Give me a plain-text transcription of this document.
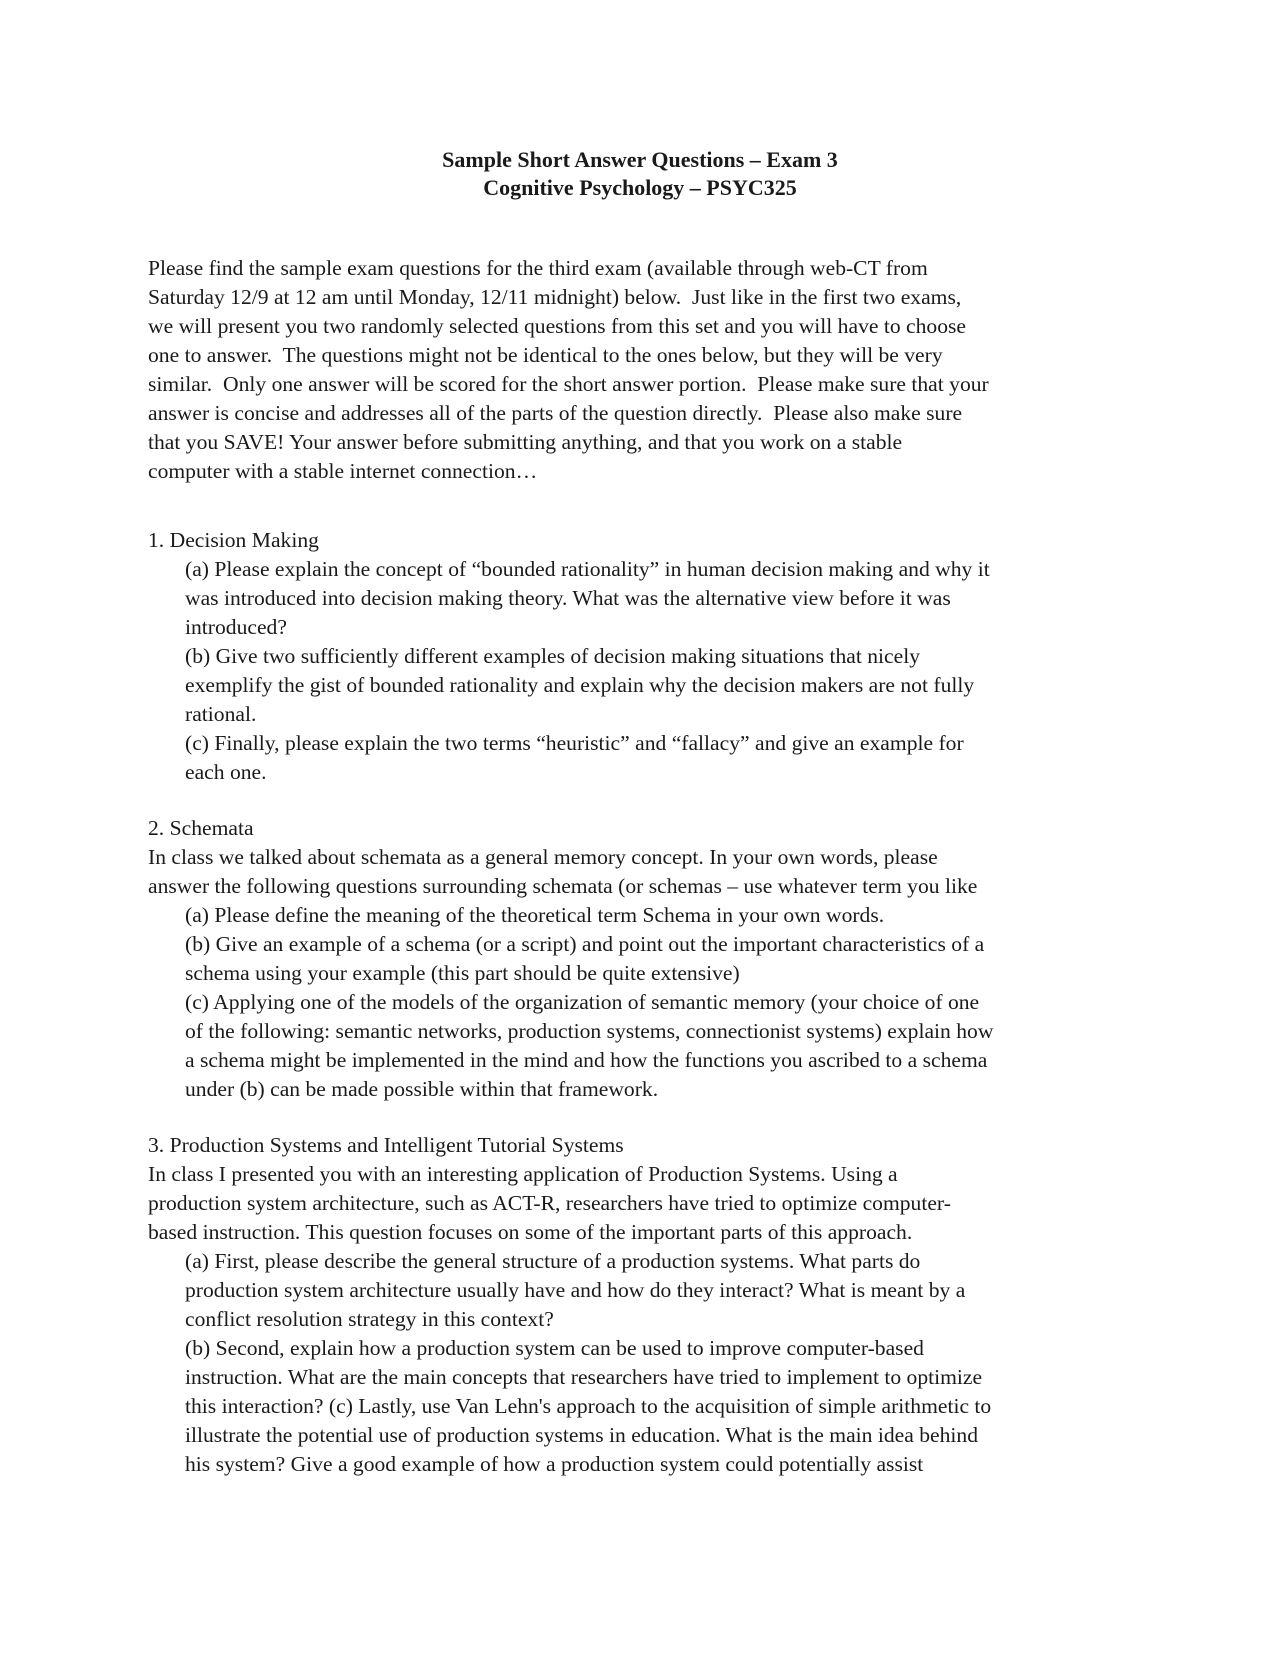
Sample Short Answer Questions – Exam 3
Cognitive Psychology – PSYC325
Please find the sample exam questions for the third exam (available through web-CT from
Saturday 12/9 at 12 am until Monday, 12/11 midnight) below.  Just like in the first two exams,
we will present you two randomly selected questions from this set and you will have to choose
one to answer.  The questions might not be identical to the ones below, but they will be very
similar.  Only one answer will be scored for the short answer portion.  Please make sure that your
answer is concise and addresses all of the parts of the question directly.  Please also make sure
that you SAVE! Your answer before submitting anything, and that you work on a stable
computer with a stable internet connection…
1. Decision Making
(a) Please explain the concept of “bounded rationality” in human decision making and why it
was introduced into decision making theory. What was the alternative view before it was
introduced?
(b) Give two sufficiently different examples of decision making situations that nicely
exemplify the gist of bounded rationality and explain why the decision makers are not fully
rational.
(c) Finally, please explain the two terms “heuristic” and “fallacy” and give an example for
each one.
2. Schemata
In class we talked about schemata as a general memory concept. In your own words, please
answer the following questions surrounding schemata (or schemas – use whatever term you like
(a) Please define the meaning of the theoretical term Schema in your own words.
(b) Give an example of a schema (or a script) and point out the important characteristics of a
schema using your example (this part should be quite extensive)
(c) Applying one of the models of the organization of semantic memory (your choice of one
of the following: semantic networks, production systems, connectionist systems) explain how
a schema might be implemented in the mind and how the functions you ascribed to a schema
under (b) can be made possible within that framework.
3. Production Systems and Intelligent Tutorial Systems
In class I presented you with an interesting application of Production Systems. Using a
production system architecture, such as ACT-R, researchers have tried to optimize computer-
based instruction. This question focuses on some of the important parts of this approach.
(a) First, please describe the general structure of a production systems. What parts do
production system architecture usually have and how do they interact? What is meant by a
conflict resolution strategy in this context?
(b) Second, explain how a production system can be used to improve computer-based
instruction. What are the main concepts that researchers have tried to implement to optimize
this interaction? (c) Lastly, use Van Lehn's approach to the acquisition of simple arithmetic to
illustrate the potential use of production systems in education. What is the main idea behind
his system? Give a good example of how a production system could potentially assist
